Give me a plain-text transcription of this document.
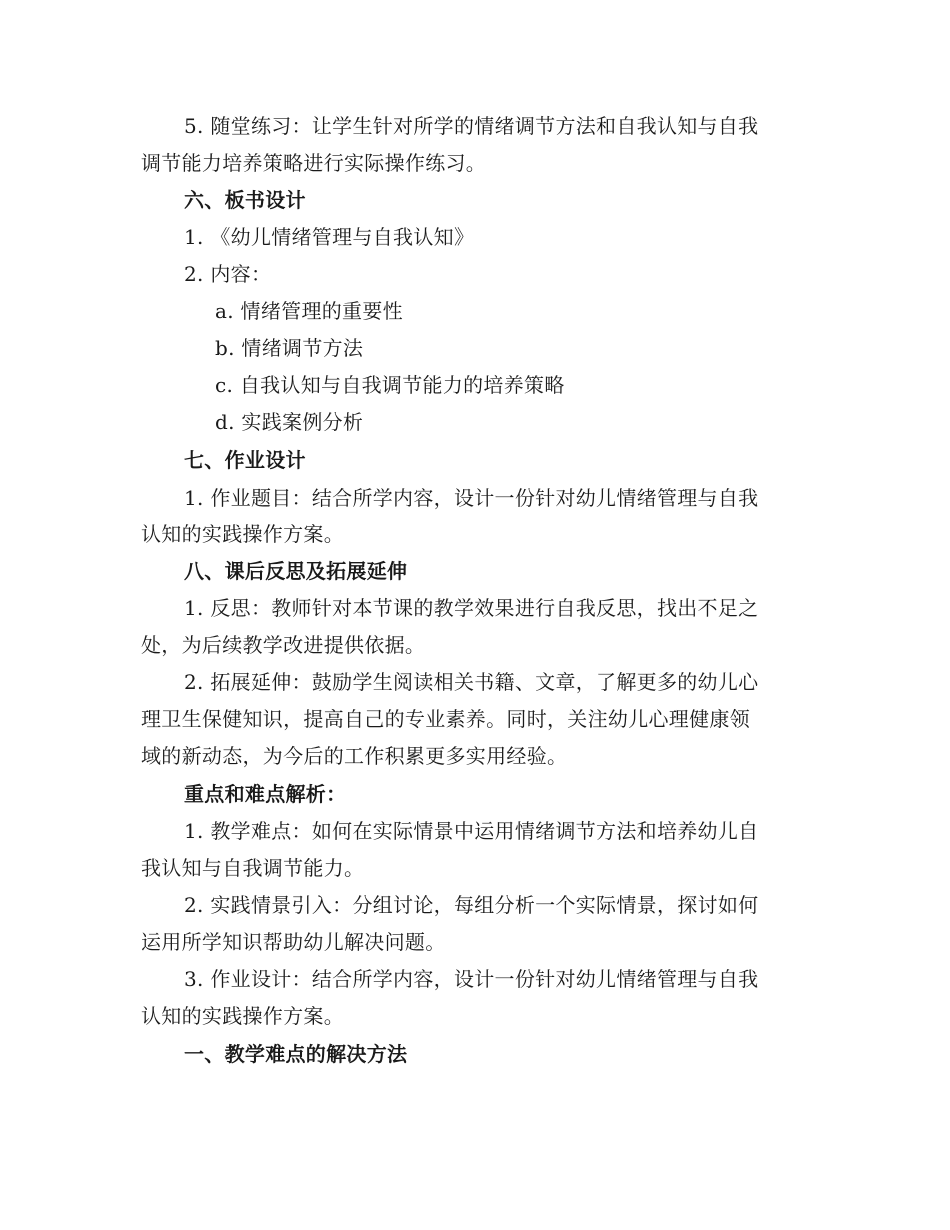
5. 随堂练习：让学生针对所学的情绪调节方法和自我认知与自我
调节能力培养策略进行实际操作练习。
六、板书设计
1. 《幼儿情绪管理与自我认知》
2. 内容：
a. 情绪管理的重要性
b. 情绪调节方法
c. 自我认知与自我调节能力的培养策略
d. 实践案例分析
七、作业设计
1. 作业题目：结合所学内容，设计一份针对幼儿情绪管理与自我
认知的实践操作方案。
八、课后反思及拓展延伸
1. 反思：教师针对本节课的教学效果进行自我反思，找出不足之
处，为后续教学改进提供依据。
2. 拓展延伸：鼓励学生阅读相关书籍、文章，了解更多的幼儿心
理卫生保健知识，提高自己的专业素养。同时，关注幼儿心理健康领
域的新动态，为今后的工作积累更多实用经验。
重点和难点解析：
1. 教学难点：如何在实际情景中运用情绪调节方法和培养幼儿自
我认知与自我调节能力。
2. 实践情景引入：分组讨论，每组分析一个实际情景，探讨如何
运用所学知识帮助幼儿解决问题。
3. 作业设计：结合所学内容，设计一份针对幼儿情绪管理与自我
认知的实践操作方案。
一、教学难点的解决方法
